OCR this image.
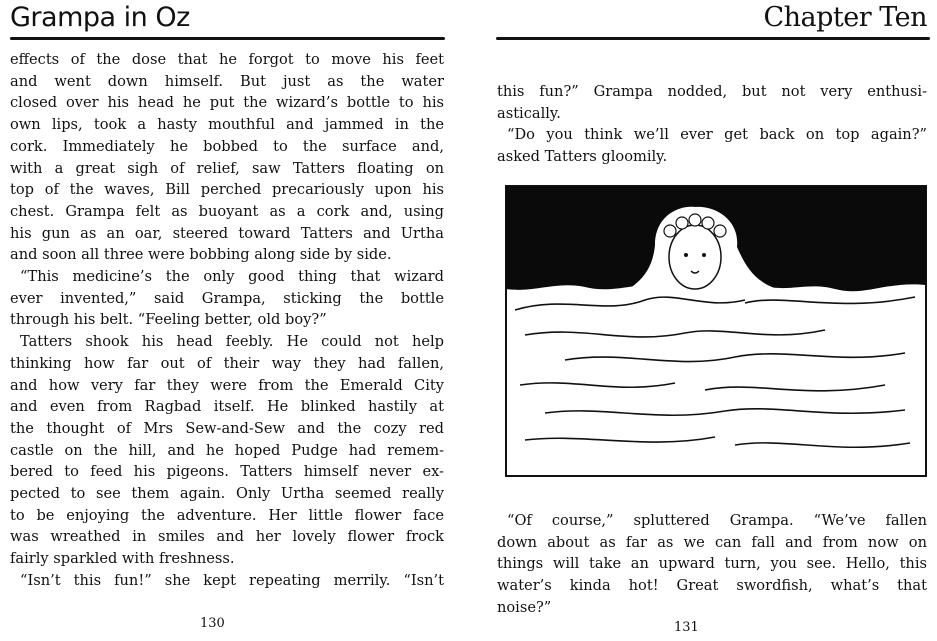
Grampa in Oz
effects of the dose that he forgot to move his feet
and went down himself. But just as the water
closed over his head he put the wizard’s bottle to his
own lips, took a hasty mouthful and jammed in the
cork. Immediately he bobbed to the surface and,
with a great sigh of relief, saw Tatters floating on
top of the waves, Bill perched precariously upon his
chest. Grampa felt as buoyant as a cork and, using
his gun as an oar, steered toward Tatters and Urtha
and soon all three were bobbing along side by side.
“This medicine’s the only good thing that wizard
ever invented,” said Grampa, sticking the bottle
through his belt. “Feeling better, old boy?”
Tatters shook his head feebly. He could not help
thinking how far out of their way they had fallen,
and how very far they were from the Emerald City
and even from Ragbad itself. He blinked hastily at
the thought of Mrs Sew-and-Sew and the cozy red
castle on the hill, and he hoped Pudge had remem-
bered to feed his pigeons. Tatters himself never ex-
pected to see them again. Only Urtha seemed really
to be enjoying the adventure. Her little flower face
was wreathed in smiles and her lovely flower frock
fairly sparkled with freshness.
“Isn’t this fun!” she kept repeating merrily. “Isn’t
130
Chapter Ten
this fun?” Grampa nodded, but not very enthusi-
astically.
“Do you think we’ll ever get back on top again?”
asked Tatters gloomily.
“Of course,” spluttered Grampa. “We’ve fallen
down about as far as we can fall and from now on
things will take an upward turn, you see. Hello, this
water’s kinda hot! Great swordfish, what’s that
noise?”
131
